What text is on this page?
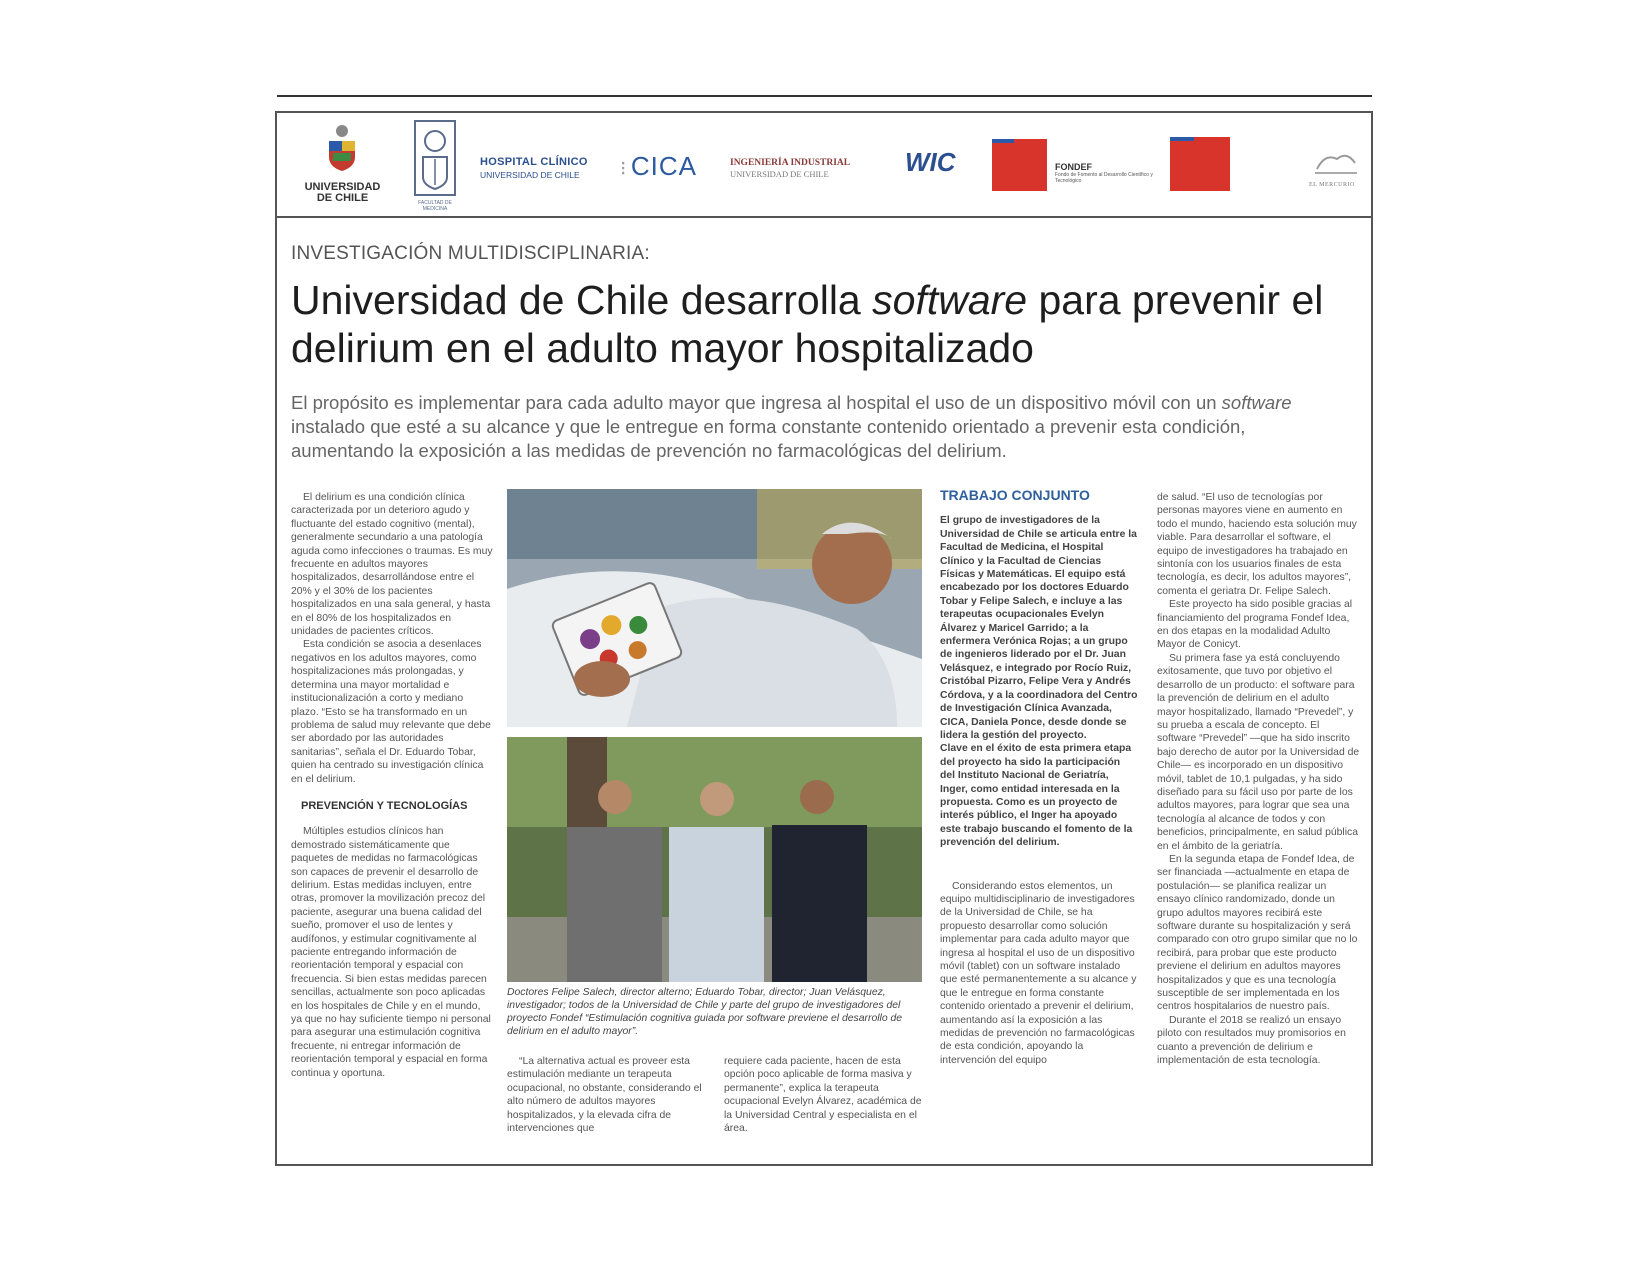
UNIVERSIDAD
DE CHILE	FACULTAD DE MEDICINA
HOSPITAL CLÍNICO
UNIVERSIDAD DE CHILE	⁝ CICA	INGENIERÍA INDUSTRIAL
UNIVERSIDAD DE CHILE	WIC	FONDEF
Fondo de Fomento al Desarrollo Científico y Tecnológico
EL MERCURIO
INVESTIGACIÓN MULTIDISCIPLINARIA:
Universidad de Chile desarrolla software para prevenir el delirium en el adulto mayor hospitalizado
El propósito es implementar para cada adulto mayor que ingresa al hospital el uso de un dispositivo móvil con un software instalado que esté a su alcance y que le entregue en forma constante contenido orientado a prevenir esta condición, aumentando la exposición a las medidas de prevención no farmacológicas del delirium.

El delirium es una condición clínica caracterizada por un deterioro agudo y fluctuante del estado cognitivo (mental), generalmente secundario a una patología aguda como infecciones o traumas. Es muy frecuente en adultos mayores hospitalizados, desarrollándose entre el 20% y el 30% de los pacientes hospitalizados en una sala general, y hasta en el 80% de los hospitalizados en unidades de pacientes críticos.

Esta condición se asocia a desenlaces negativos en los adultos mayores, como hospitalizaciones más prolongadas, y determina una mayor mortalidad e institucionalización a corto y mediano plazo. “Esto se ha transformado en un problema de salud muy relevante que debe ser abordado por las autoridades sanitarias”, señala el Dr. Eduardo Tobar, quien ha centrado su investigación clínica en el delirium.

PREVENCIÓN Y TECNOLOGÍAS

Múltiples estudios clínicos han demostrado sistemáticamente que paquetes de medidas no farmacológicas son capaces de prevenir el desarrollo de delirium. Estas medidas incluyen, entre otras, promover la movilización precoz del paciente, asegurar una buena calidad del sueño, promover el uso de lentes y audífonos, y estimular cognitivamente al paciente entregando información de reorientación temporal y espacial con frecuencia. Si bien estas medidas parecen sencillas, actualmente son poco aplicadas en los hospitales de Chile y en el mundo, ya que no hay suficiente tiempo ni personal para asegurar una estimulación cognitiva frecuente, ni entregar información de reorientación temporal y espacial en forma continua y oportuna.

Doctores Felipe Salech, director alterno; Eduardo Tobar, director; Juan Velásquez, investigador; todos de la Universidad de Chile y parte del grupo de investigadores del proyecto Fondef “Estimulación cognitiva guiada por software previene el desarrollo de delirium en el adulto mayor”.

“La alternativa actual es proveer esta estimulación mediante un terapeuta ocupacional, no obstante, considerando el alto número de adultos mayores hospitalizados, y la elevada cifra de intervenciones que

requiere cada paciente, hacen de esta opción poco aplicable de forma masiva y permanente”, explica la terapeuta ocupacional Evelyn Álvarez, académica de la Universidad Central y especialista en el área.

TRABAJO CONJUNTO

El grupo de investigadores de la Universidad de Chile se articula entre la Facultad de Medicina, el Hospital Clínico y la Facultad de Ciencias Físicas y Matemáticas. El equipo está encabezado por los doctores Eduardo Tobar y Felipe Salech, e incluye a las terapeutas ocupacionales Evelyn Álvarez y Maricel Garrido; a la enfermera Verónica Rojas; a un grupo de ingenieros liderado por el Dr. Juan Velásquez, e integrado por Rocío Ruiz, Cristóbal Pizarro, Felipe Vera y Andrés Córdova, y a la coordinadora del Centro de Investigación Clínica Avanzada, CICA, Daniela Ponce, desde donde se lidera la gestión del proyecto.

Clave en el éxito de esta primera etapa del proyecto ha sido la participación del Instituto Nacional de Geriatría, Inger, como entidad interesada en la propuesta. Como es un proyecto de interés público, el Inger ha apoyado este trabajo buscando el fomento de la prevención del delirium.

Considerando estos elementos, un equipo multidisciplinario de investigadores de la Universidad de Chile, se ha propuesto desarrollar como solución implementar para cada adulto mayor que ingresa al hospital el uso de un dispositivo móvil (tablet) con un software instalado que esté permanentemente a su alcance y que le entregue en forma constante contenido orientado a prevenir el delirium, aumentando así la exposición a las medidas de prevención no farmacológicas de esta condición, apoyando la intervención del equipo

de salud. “El uso de tecnologías por personas mayores viene en aumento en todo el mundo, haciendo esta solución muy viable. Para desarrollar el software, el equipo de investigadores ha trabajado en sintonía con los usuarios finales de esta tecnología, es decir, los adultos mayores”, comenta el geriatra Dr. Felipe Salech.

Este proyecto ha sido posible gracias al financiamiento del programa Fondef Idea, en dos etapas en la modalidad Adulto Mayor de Conicyt.

Su primera fase ya está concluyendo exitosamente, que tuvo por objetivo el desarrollo de un producto: el software para la prevención de delirium en el adulto mayor hospitalizado, llamado “Prevedel”, y su prueba a escala de concepto. El software “Prevedel” —que ha sido inscrito bajo derecho de autor por la Universidad de Chile— es incorporado en un dispositivo móvil, tablet de 10,1 pulgadas, y ha sido diseñado para su fácil uso por parte de los adultos mayores, para lograr que sea una tecnología al alcance de todos y con beneficios, principalmente, en salud pública en el ámbito de la geriatría.

En la segunda etapa de Fondef Idea, de ser financiada —actualmente en etapa de postulación— se planifica realizar un ensayo clínico randomizado, donde un grupo adultos mayores recibirá este software durante su hospitalización y será comparado con otro grupo similar que no lo recibirá, para probar que este producto previene el delirium en adultos mayores hospitalizados y que es una tecnología susceptible de ser implementada en los centros hospitalarios de nuestro país.

Durante el 2018 se realizó un ensayo piloto con resultados muy promisorios en cuanto a prevención de delirium e implementación de esta tecnología.
